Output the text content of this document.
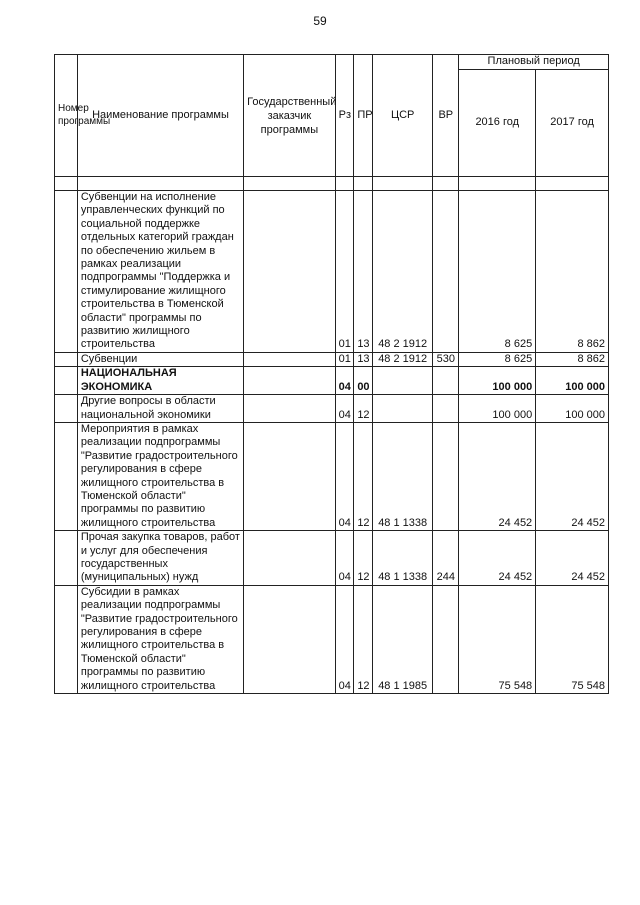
59
Номер программы	Наименование программы	Государственный заказчик программы	Рз	ПР	ЦСР	ВР	Плановый период	
							2016 год	2017 год

	Субвенции на исполнение управленческих функций по социальной поддержке отдельных категорий граждан по обеспечению жильем в рамках реализации подпрограммы "Поддержка и стимулирование жилищного строительства в Тюменской области" программы по развитию жилищного строительства		01	13	48 2 1912		8 625	8 862
	Субвенции		01	13	48 2 1912	530	8 625	8 862
	НАЦИОНАЛЬНАЯ ЭКОНОМИКА		04	00			100 000	100 000
	Другие вопросы в области национальной экономики		04	12			100 000	100 000
	Мероприятия в рамках реализации подпрограммы "Развитие градостроительного регулирования в сфере жилищного строительства в Тюменской области" программы по развитию жилищного строительства		04	12	48 1 1338		24 452	24 452
	Прочая закупка товаров, работ и услуг для обеспечения государственных (муниципальных) нужд		04	12	48 1 1338	244	24 452	24 452
	Субсидии в рамках реализации подпрограммы "Развитие градостроительного регулирования в сфере жилищного строительства в Тюменской области" программы по развитию жилищного строительства		04	12	48 1 1985		75 548	75 548
